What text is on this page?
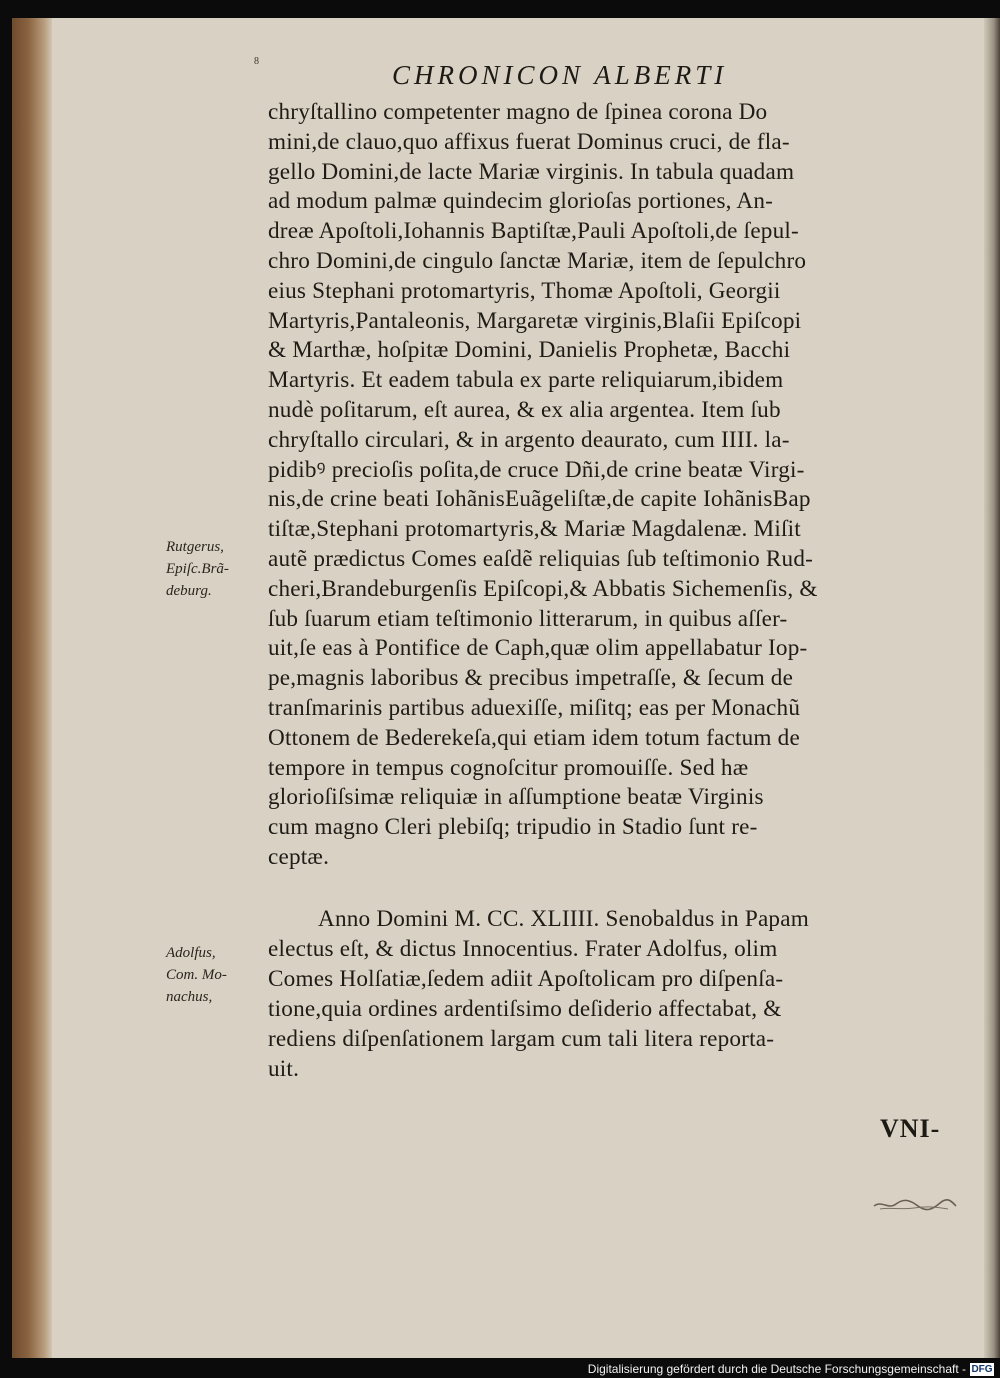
8	CHRONICON ALBERTI
chryſtallino competenter magno de ſpinea corona Do
mini,de clauo,quo affixus fuerat Dominus cruci, de fla-
gello Domini,de lacte Mariæ virginis. In tabula quadam
ad modum palmæ quindecim glorioſas portiones, An-
dreæ Apoſtoli,Iohannis Baptiſtæ,Pauli Apoſtoli,de ſepul-
chro Domini,de cingulo ſanctæ Mariæ, item de ſepulchro
eius Stephani protomartyris, Thomæ Apoſtoli, Georgii
Martyris,Pantaleonis, Margaretæ virginis,Blaſii Epiſcopi
& Marthæ, hoſpitæ Domini, Danielis Prophetæ, Bacchi
Martyris. Et eadem tabula ex parte reliquiarum,ibidem
nudè poſitarum, eſt aurea, & ex alia argentea. Item ſub
chryſtallo circulari, & in argento deaurato, cum IIII. la-
pidibꝰ precioſis poſita,de cruce Dñi,de crine beatæ Virgi-
nis,de crine beati IohãnisEuãgeliſtæ,de capite IohãnisBap
tiſtæ,Stephani protomartyris,& Mariæ Magdalenæ. Miſit
autẽ prædictus Comes eaſdẽ reliquias ſub teſtimonio Rud-
cheri,Brandeburgenſis Epiſcopi,& Abbatis Sichemenſis, &
ſub ſuarum etiam teſtimonio litterarum, in quibus aſſer-
uit,ſe eas à Pontifice de Caph,quæ olim appellabatur Iop-
pe,magnis laboribus & precibus impetraſſe, & ſecum de
tranſmarinis partibus aduexiſſe, miſitq; eas per Monachũ
Ottonem de Bederekeſa,qui etiam idem totum factum de
tempore in tempus cognoſcitur promouiſſe. Sed hæ
glorioſiſsimæ reliquiæ in aſſumptione beatæ Virginis
cum magno Cleri plebiſq; tripudio in Stadio ſunt re-
ceptæ.
Anno Domini M. CC. XLIIII. Senobaldus in Papam
electus eſt, & dictus Innocentius. Frater Adolfus, olim
Comes Holſatiæ,ſedem adiit Apoſtolicam pro diſpenſa-
tione,quia ordines ardentiſsimo deſiderio affectabat, &
rediens diſpenſationem largam cum tali litera reporta-
uit.
Rutgerus,
Epiſc.Brã-
deburg.
Adolfus,
Com. Mo-
nachus,
VNI-
Digitalisierung gefördert durch die Deutsche Forschungsgemeinschaft - DFG
